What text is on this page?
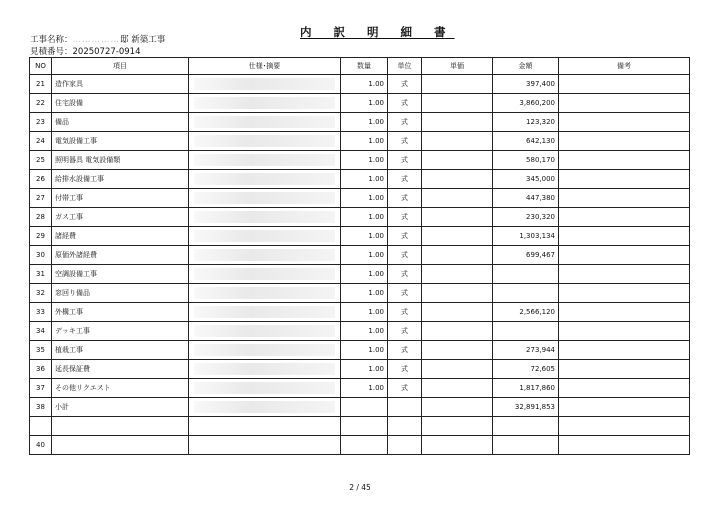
内 訳 明 細 書
工事名称：……………邸 新築工事
見積番号：20250727-0914
NO	項目	仕様･摘要	数量	単位	単価	金額	備考
21	造作家具		1.00	式		397,400	
22	住宅設備		1.00	式		3,860,200	
23	備品		1.00	式		123,320	
24	電気設備工事		1.00	式		642,130	
25	照明器具 電気設備類		1.00	式		580,170	
26	給排水設備工事		1.00	式		345,000	
27	付帯工事		1.00	式		447,380	
28	ガス工事		1.00	式		230,320	
29	諸経費		1.00	式		1,303,134	
30	原価外諸経費		1.00	式		699,467	
31	空調設備工事		1.00	式			
32	窓回り備品		1.00	式			
33	外構工事		1.00	式		2,566,120	
34	デッキ工事		1.00	式			
35	植栽工事		1.00	式		273,944	
36	延長保証費		1.00	式		72,605	
37	その他リクエスト		1.00	式		1,817,860	
38	小計					32,891,853	

40							
2 / 45
